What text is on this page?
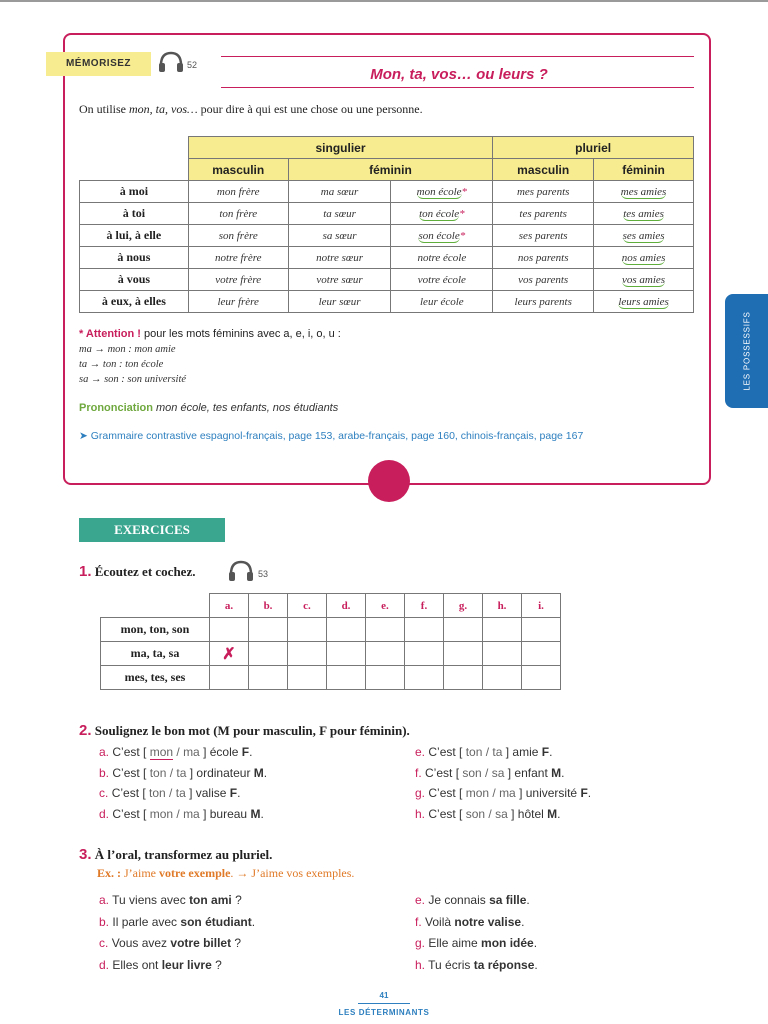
MÉMORISEZ	52
Mon, ta, vos… ou leurs ?
On utilise mon, ta, vos… pour dire à qui est une chose ou une personne.
	singulier			pluriel	
	masculin	féminin		masculin	féminin
à moi	mon frère	ma sœur	mon école*	mes parents	mes amies
à toi	ton frère	ta sœur	ton école*	tes parents	tes amies
à lui, à elle	son frère	sa sœur	son école*	ses parents	ses amies
à nous	notre frère	notre sœur	notre école	nos parents	nos amies
à vous	votre frère	votre sœur	votre école	vos parents	vos amies
à eux, à elles	leur frère	leur sœur	leur école	leurs parents	leurs amies
* Attention ! pour les mots féminins avec a, e, i, o, u :
ma → mon : mon amie
ta → ton : ton école
sa → son : son université
Prononciation mon école, tes enfants, nos étudiants
➤ Grammaire contrastive espagnol-français, page 153, arabe-français, page 160, chinois-français, page 167
LES POSSESSIFS
EXERCICES
1. Écoutez et cochez.	53
	a.	b.	c.	d.	e.	f.	g.	h.	i.
mon, ton, son									
ma, ta, sa	✗								
mes, tes, ses									
2. Soulignez le bon mot (M pour masculin, F pour féminin).
a. C’est [ mon / ma ] école F.
b. C’est [ ton / ta ] ordinateur M.
c. C’est [ ton / ta ] valise F.
d. C’est [ mon / ma ] bureau M.
e. C’est [ ton / ta ] amie F.
f. C’est [ son / sa ] enfant M.
g. C’est [ mon / ma ] université F.
h. C’est [ son / sa ] hôtel M.
3. À l’oral, transformez au pluriel.
Ex. : J’aime votre exemple. → J’aime vos exemples.
a. Tu viens avec ton ami ?
b. Il parle avec son étudiant.
c. Vous avez votre billet ?
d. Elles ont leur livre ?
e. Je connais sa fille.
f. Voilà notre valise.
g. Elle aime mon idée.
h. Tu écris ta réponse.
41
LES DÉTERMINANTS
